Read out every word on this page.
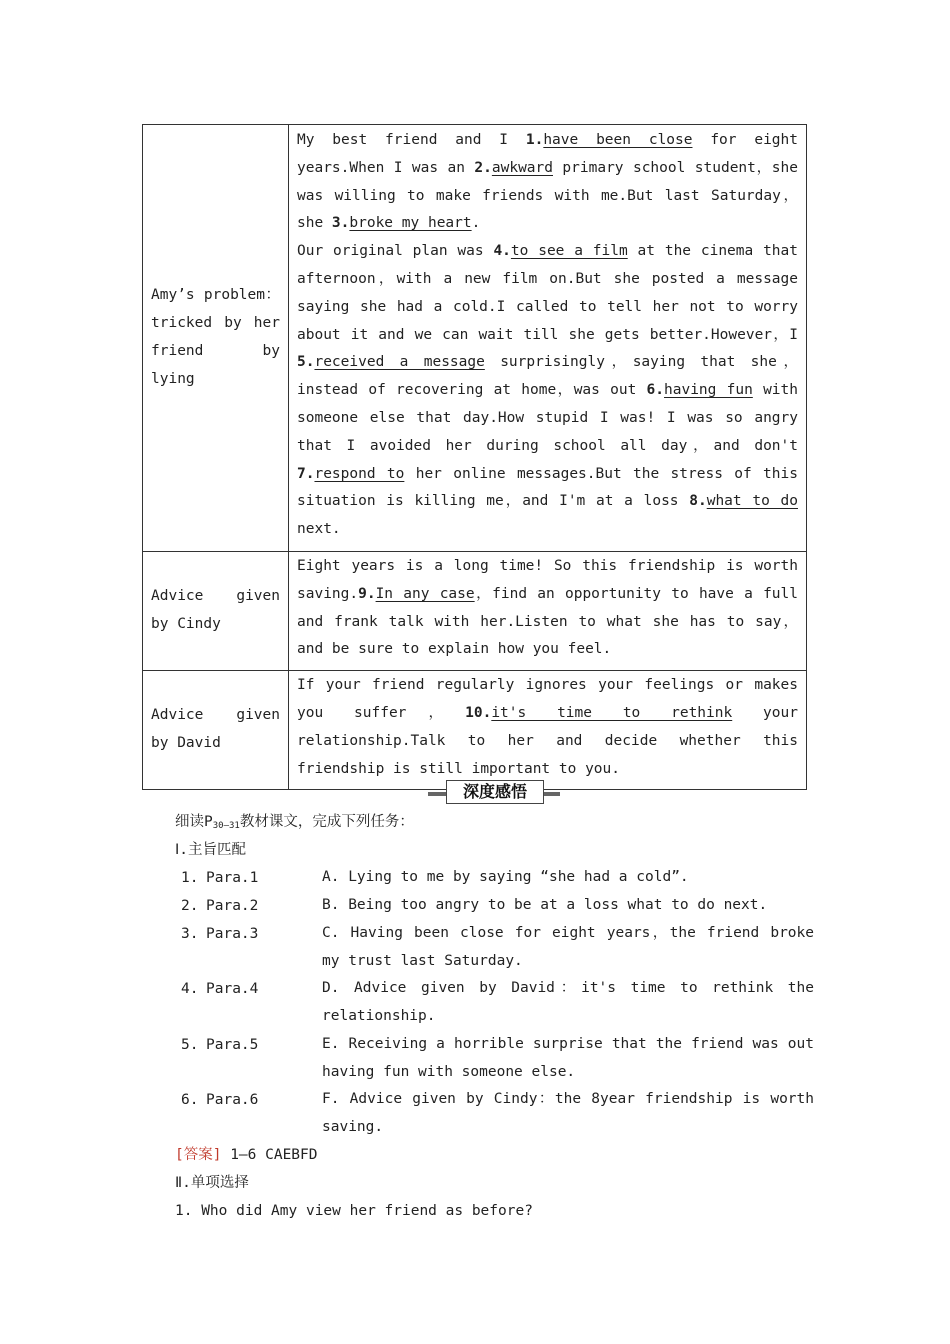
Amy’s problem：tricked by her friend by lying	My best friend and I 1.have been close for eight years.When I was an 2.awkward primary school student，she was willing to make friends with me.But last Saturday，she 3.broke my heart.
Our original plan was 4.to see a film at the cinema that afternoon，with a new film on.But she posted a message saying she had a cold.I called to tell her not to worry about it and we can wait till she gets better.However，I 5.received a message surprisingly，saying that she，instead of recovering at home，was out 6.having fun with someone else that day.How stupid I was! I was so angry that I avoided her during school all day，and don't 7.respond to her online messages.But the stress of this situation is killing me，and I'm at a loss 8.what to do next.

Advice given by Cindy	Eight years is a long time! So this friendship is worth saving.9.In any case，find an opportunity to have a full and frank talk with her.Listen to what she has to say，and be sure to explain how you feel.
Advice given by David	If your friend regularly ignores your feelings or makes you suffer，10.it's time to rethink your relationship.Talk to her and decide whether this friendship is still important to you.
深度感悟
细读$P_{30—31}$教材课文，完成下列任务：
Ⅰ.主旨匹配
1. Para.1	A. Lying to me by saying “she had a cold”.
2. Para.2	B. Being too angry to be at a loss what to do next.
3. Para.3	C. Having been close for eight years，the friend broke my trust last Saturday.
4. Para.4	D. Advice given by David：it's time to rethink the relationship.
5. Para.5	E. Receiving a horrible surprise that the friend was out having fun with someone else.
6. Para.6	F. Advice given by Cindy：the 8year friendship is worth saving.
[答案] 1—6 CAEBFD
Ⅱ.单项选择
1. Who did Amy view her friend as before?
